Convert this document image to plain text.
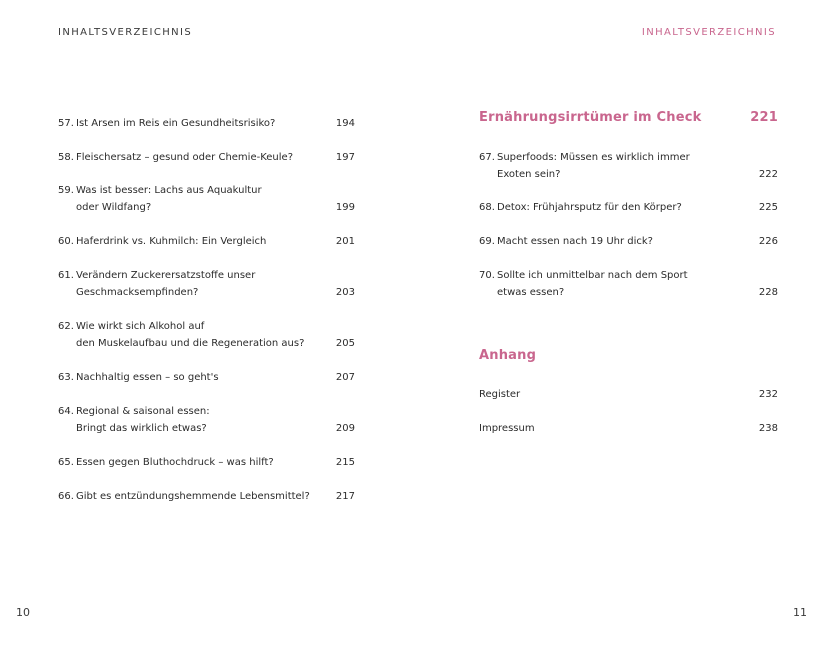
INHALTSVERZEICHNIS
57. Ist Arsen im Reis ein Gesundheitsrisiko?	194
58. Fleischersatz – gesund oder Chemie-Keule?	197
59. Was ist besser: Lachs aus Aquakultur
oder Wildfang?	199
60. Haferdrink vs. Kuhmilch: Ein Vergleich	201
61. Verändern Zuckerersatzstoffe unser
Geschmacksempfinden?	203
62. Wie wirkt sich Alkohol auf
den Muskelaufbau und die Regeneration aus?	205
63. Nachhaltig essen – so geht's	207
64. Regional & saisonal essen:
Bringt das wirklich etwas?	209
65. Essen gegen Bluthochdruck – was hilft?	215
66. Gibt es entzündungshemmende Lebensmittel?	217
10
INHALTSVERZEICHNIS
Ernährungsirrtümer im Check	221
67. Superfoods: Müssen es wirklich immer
Exoten sein?	222
68. Detox: Frühjahrsputz für den Körper?	225
69. Macht essen nach 19 Uhr dick?	226
70. Sollte ich unmittelbar nach dem Sport
etwas essen?	228
Anhang
Register	232
Impressum	238
11
